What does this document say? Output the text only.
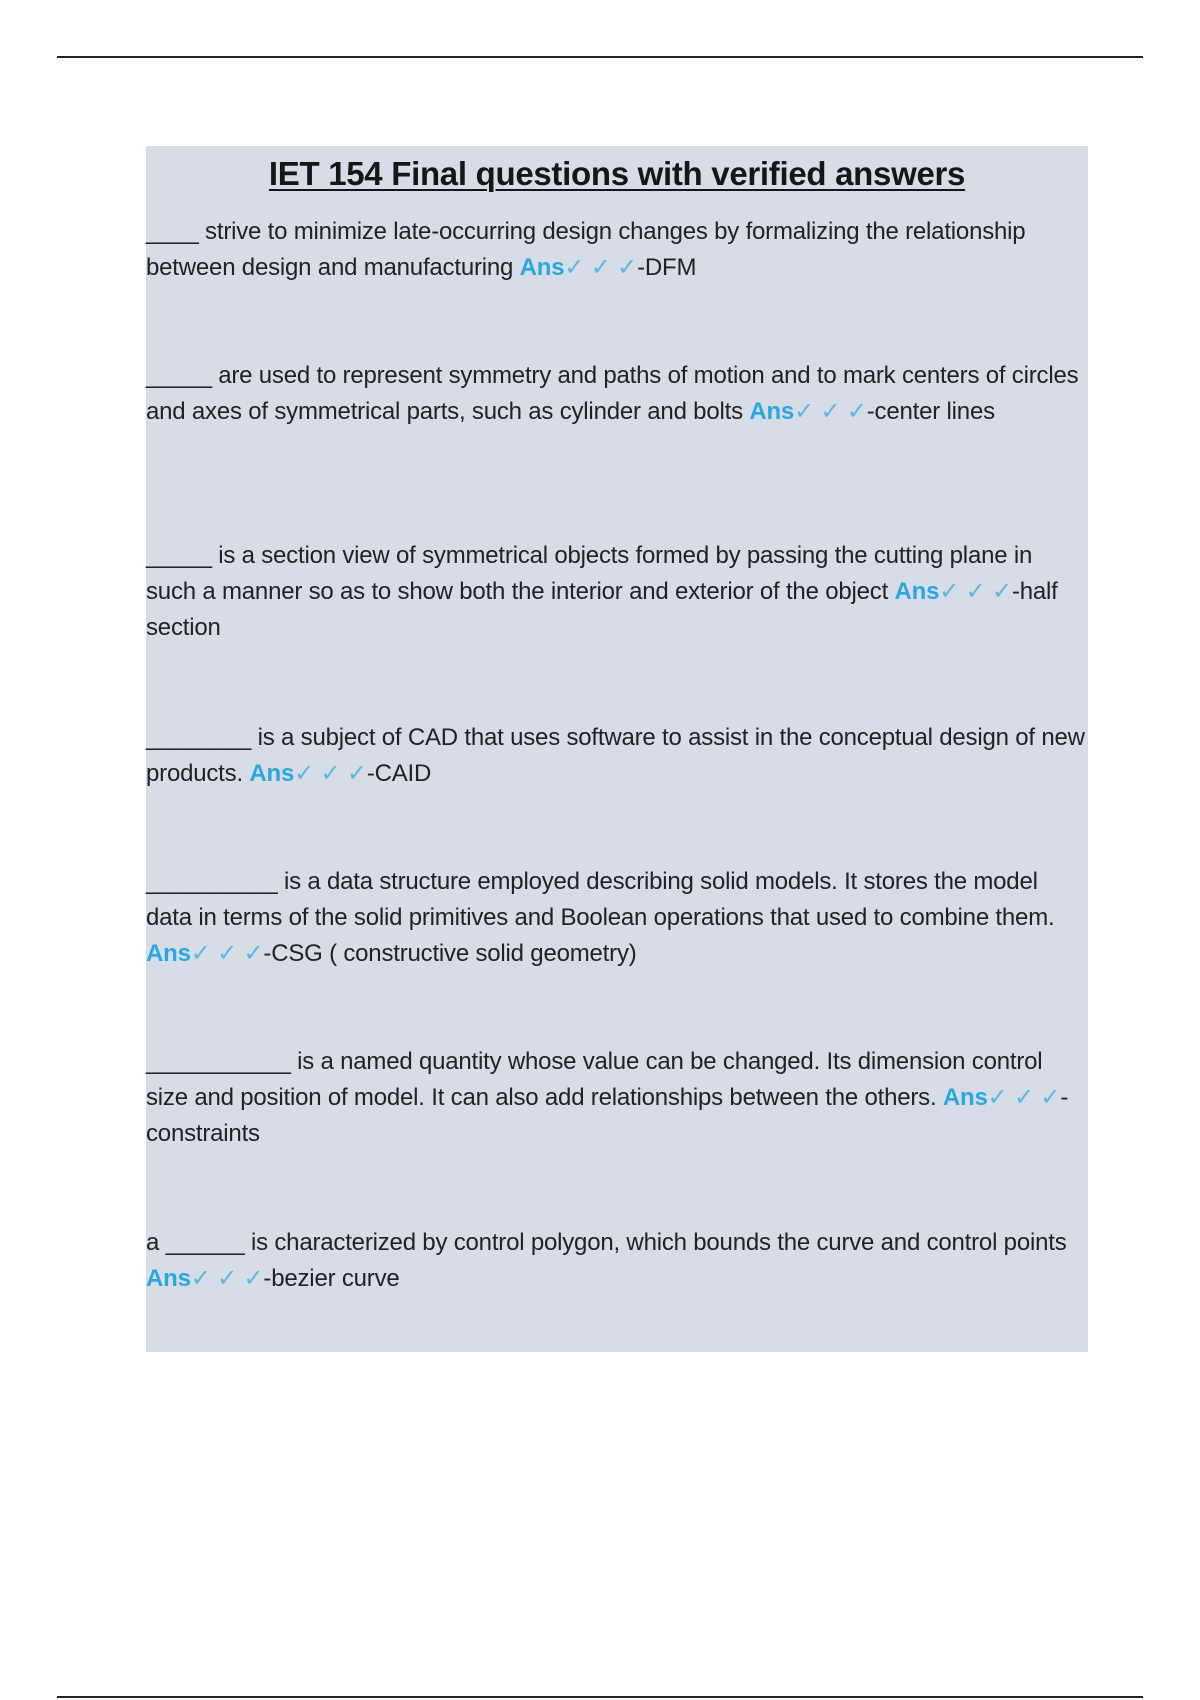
IET 154 Final questions with verified answers
____ strive to minimize late-occurring design changes by formalizing the relationship between design and manufacturing Ans✓ ✓ ✓-DFM
_____ are used to represent symmetry and paths of motion and to mark centers of circles and axes of symmetrical parts, such as cylinder and bolts Ans✓ ✓ ✓-center lines
_____ is a section view of symmetrical objects formed by passing the cutting plane in such a manner so as to show both the interior and exterior of the object Ans✓ ✓ ✓-half section
________ is a subject of CAD that uses software to assist in the conceptual design of new products. Ans✓ ✓ ✓-CAID
__________ is a data structure employed describing solid models. It stores the model data in terms of the solid primitives and Boolean operations that used to combine them. Ans✓ ✓ ✓-CSG ( constructive solid geometry)
___________ is a named quantity whose value can be changed. Its dimension control size and position of model. It can also add relationships between the others. Ans✓ ✓ ✓-constraints
a ______ is characterized by control polygon, which bounds the curve and control points Ans✓ ✓ ✓-bezier curve
